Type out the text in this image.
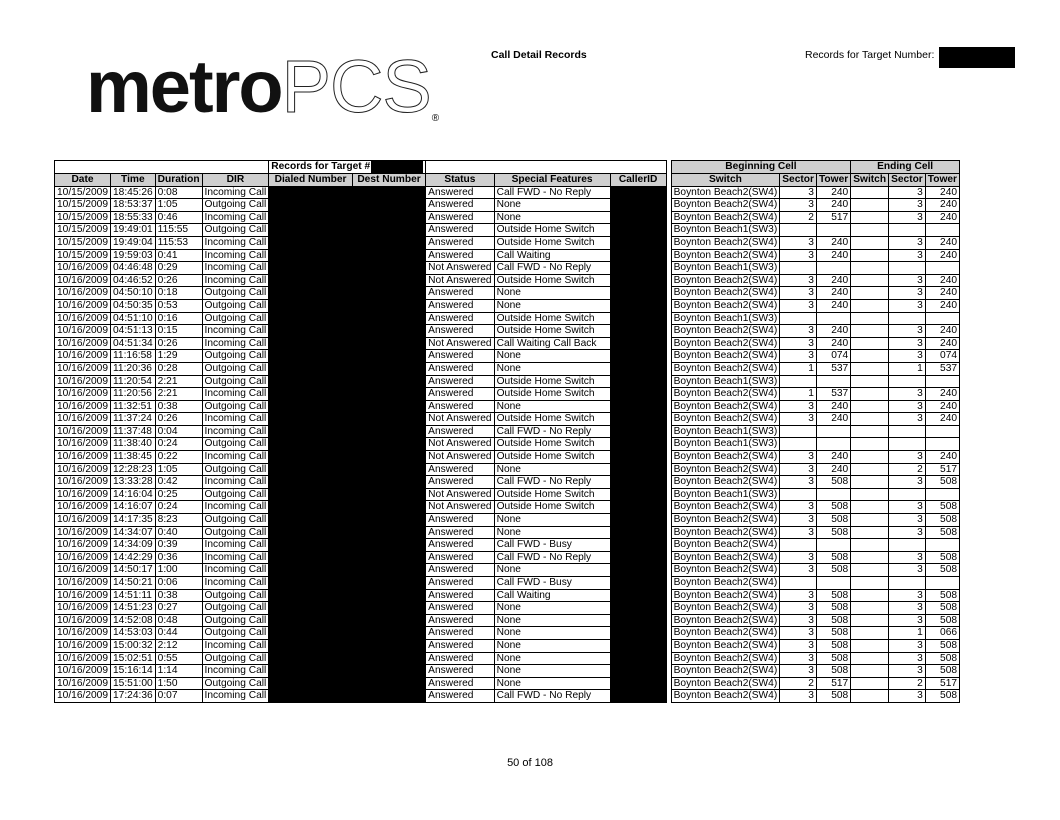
metroPCS®
Call Detail Records	Records for Target Number:
				Records for Target #						Beginning Cell			Ending Cell		
Date	Time	Duration	DIR	Dialed Number	Dest Number	Status	Special Features	CallerID		Switch	Sector	Tower	Switch	Sector	Tower
10/15/2009	18:45:26	0:08	Incoming Call			Answered	Call FWD - No Reply			Boynton Beach2(SW4)	3	240		3	240
10/15/2009	18:53:37	1:05	Outgoing Call			Answered	None			Boynton Beach2(SW4)	3	240		3	240
10/15/2009	18:55:33	0:46	Incoming Call			Answered	None			Boynton Beach2(SW4)	2	517		3	240
10/15/2009	19:49:01	115:55	Outgoing Call			Answered	Outside Home Switch			Boynton Beach1(SW3)					
10/15/2009	19:49:04	115:53	Incoming Call			Answered	Outside Home Switch			Boynton Beach2(SW4)	3	240		3	240
10/15/2009	19:59:03	0:41	Incoming Call			Answered	Call Waiting			Boynton Beach2(SW4)	3	240		3	240
10/16/2009	04:46:48	0:29	Incoming Call			Not Answered	Call FWD - No Reply			Boynton Beach1(SW3)					
10/16/2009	04:46:52	0:26	Incoming Call			Not Answered	Outside Home Switch			Boynton Beach2(SW4)	3	240		3	240
10/16/2009	04:50:10	0:18	Outgoing Call			Answered	None			Boynton Beach2(SW4)	3	240		3	240
10/16/2009	04:50:35	0:53	Outgoing Call			Answered	None			Boynton Beach2(SW4)	3	240		3	240
10/16/2009	04:51:10	0:16	Outgoing Call			Answered	Outside Home Switch			Boynton Beach1(SW3)					
10/16/2009	04:51:13	0:15	Incoming Call			Answered	Outside Home Switch			Boynton Beach2(SW4)	3	240		3	240
10/16/2009	04:51:34	0:26	Incoming Call			Not Answered	Call Waiting Call Back			Boynton Beach2(SW4)	3	240		3	240
10/16/2009	11:16:58	1:29	Outgoing Call			Answered	None			Boynton Beach2(SW4)	3	074		3	074
10/16/2009	11:20:36	0:28	Outgoing Call			Answered	None			Boynton Beach2(SW4)	1	537		1	537
10/16/2009	11:20:54	2:21	Outgoing Call			Answered	Outside Home Switch			Boynton Beach1(SW3)					
10/16/2009	11:20:56	2:21	Incoming Call			Answered	Outside Home Switch			Boynton Beach2(SW4)	1	537		3	240
10/16/2009	11:32:51	0:38	Outgoing Call			Answered	None			Boynton Beach2(SW4)	3	240		3	240
10/16/2009	11:37:24	0:26	Incoming Call			Not Answered	Outside Home Switch			Boynton Beach2(SW4)	3	240		3	240
10/16/2009	11:37:48	0:04	Incoming Call			Answered	Call FWD - No Reply			Boynton Beach1(SW3)					
10/16/2009	11:38:40	0:24	Outgoing Call			Not Answered	Outside Home Switch			Boynton Beach1(SW3)					
10/16/2009	11:38:45	0:22	Incoming Call			Not Answered	Outside Home Switch			Boynton Beach2(SW4)	3	240		3	240
10/16/2009	12:28:23	1:05	Outgoing Call			Answered	None			Boynton Beach2(SW4)	3	240		2	517
10/16/2009	13:33:28	0:42	Incoming Call			Answered	Call FWD - No Reply			Boynton Beach2(SW4)	3	508		3	508
10/16/2009	14:16:04	0:25	Outgoing Call			Not Answered	Outside Home Switch			Boynton Beach1(SW3)					
10/16/2009	14:16:07	0:24	Incoming Call			Not Answered	Outside Home Switch			Boynton Beach2(SW4)	3	508		3	508
10/16/2009	14:17:35	8:23	Outgoing Call			Answered	None			Boynton Beach2(SW4)	3	508		3	508
10/16/2009	14:34:07	0:40	Outgoing Call			Answered	None			Boynton Beach2(SW4)	3	508		3	508
10/16/2009	14:34:09	0:39	Incoming Call			Answered	Call FWD - Busy			Boynton Beach2(SW4)					
10/16/2009	14:42:29	0:36	Incoming Call			Answered	Call FWD - No Reply			Boynton Beach2(SW4)	3	508		3	508
10/16/2009	14:50:17	1:00	Incoming Call			Answered	None			Boynton Beach2(SW4)	3	508		3	508
10/16/2009	14:50:21	0:06	Incoming Call			Answered	Call FWD - Busy			Boynton Beach2(SW4)					
10/16/2009	14:51:11	0:38	Outgoing Call			Answered	Call Waiting			Boynton Beach2(SW4)	3	508		3	508
10/16/2009	14:51:23	0:27	Outgoing Call			Answered	None			Boynton Beach2(SW4)	3	508		3	508
10/16/2009	14:52:08	0:48	Outgoing Call			Answered	None			Boynton Beach2(SW4)	3	508		3	508
10/16/2009	14:53:03	0:44	Outgoing Call			Answered	None			Boynton Beach2(SW4)	3	508		1	066
10/16/2009	15:00:32	2:12	Incoming Call			Answered	None			Boynton Beach2(SW4)	3	508		3	508
10/16/2009	15:02:51	0:55	Outgoing Call			Answered	None			Boynton Beach2(SW4)	3	508		3	508
10/16/2009	15:16:14	1:14	Incoming Call			Answered	None			Boynton Beach2(SW4)	3	508		3	508
10/16/2009	15:51:00	1:50	Outgoing Call			Answered	None			Boynton Beach2(SW4)	2	517		2	517
10/16/2009	17:24:36	0:07	Incoming Call			Answered	Call FWD - No Reply			Boynton Beach2(SW4)	3	508		3	508
50 of 108
